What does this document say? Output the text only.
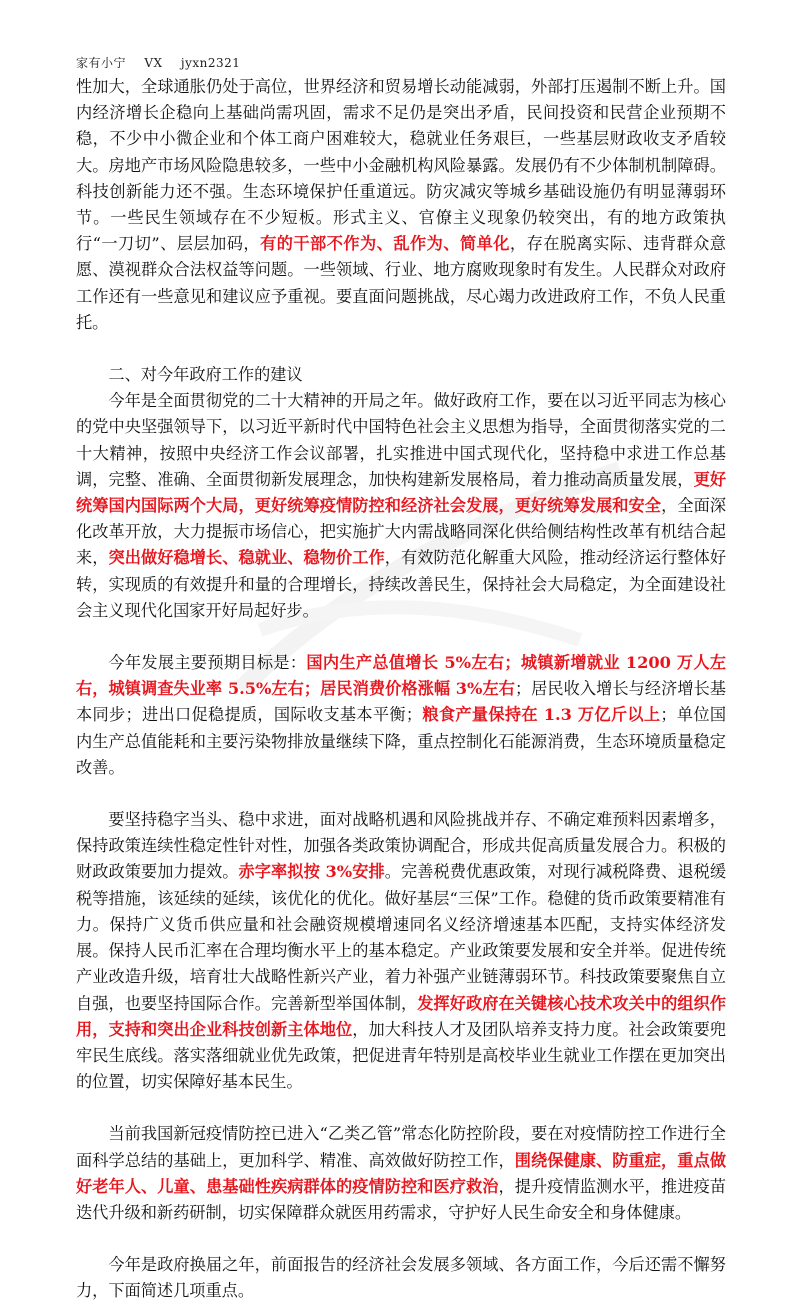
家有小宁 VX jyxn2321

性加大，全球通胀仍处于高位，世界经济和贸易增长动能减弱，外部打压遏制不断上升。国内经济增长企稳向上基础尚需巩固，需求不足仍是突出矛盾，民间投资和民营企业预期不稳，不少中小微企业和个体工商户困难较大，稳就业任务艰巨，一些基层财政收支矛盾较大。房地产市场风险隐患较多，一些中小金融机构风险暴露。发展仍有不少体制机制障碍。科技创新能力还不强。生态环境保护任重道远。防灾减灾等城乡基础设施仍有明显薄弱环节。一些民生领域存在不少短板。形式主义、官僚主义现象仍较突出，有的地方政策执行“一刀切”、层层加码，有的干部不作为、乱作为、简单化，存在脱离实际、违背群众意愿、漠视群众合法权益等问题。一些领域、行业、地方腐败现象时有发生。人民群众对政府工作还有一些意见和建议应予重视。要直面问题挑战，尽心竭力改进政府工作，不负人民重托。

二、对今年政府工作的建议

今年是全面贯彻党的二十大精神的开局之年。做好政府工作，要在以习近平同志为核心的党中央坚强领导下，以习近平新时代中国特色社会主义思想为指导，全面贯彻落实党的二十大精神，按照中央经济工作会议部署，扎实推进中国式现代化，坚持稳中求进工作总基调，完整、准确、全面贯彻新发展理念，加快构建新发展格局，着力推动高质量发展，更好统筹国内国际两个大局，更好统筹疫情防控和经济社会发展，更好统筹发展和安全，全面深化改革开放，大力提振市场信心，把实施扩大内需战略同深化供给侧结构性改革有机结合起来，突出做好稳增长、稳就业、稳物价工作，有效防范化解重大风险，推动经济运行整体好转，实现质的有效提升和量的合理增长，持续改善民生，保持社会大局稳定，为全面建设社会主义现代化国家开好局起好步。

今年发展主要预期目标是：国内生产总值增长 5%左右；城镇新增就业 1200 万人左右，城镇调查失业率 5.5%左右；居民消费价格涨幅 3%左右；居民收入增长与经济增长基本同步；进出口促稳提质，国际收支基本平衡；粮食产量保持在 1.3 万亿斤以上；单位国内生产总值能耗和主要污染物排放量继续下降，重点控制化石能源消费，生态环境质量稳定改善。

要坚持稳字当头、稳中求进，面对战略机遇和风险挑战并存、不确定难预料因素增多，保持政策连续性稳定性针对性，加强各类政策协调配合，形成共促高质量发展合力。积极的财政政策要加力提效。赤字率拟按 3%安排。完善税费优惠政策，对现行减税降费、退税缓税等措施，该延续的延续，该优化的优化。做好基层“三保”工作。稳健的货币政策要精准有力。保持广义货币供应量和社会融资规模增速同名义经济增速基本匹配，支持实体经济发展。保持人民币汇率在合理均衡水平上的基本稳定。产业政策要发展和安全并举。促进传统产业改造升级，培育壮大战略性新兴产业，着力补强产业链薄弱环节。科技政策要聚焦自立自强，也要坚持国际合作。完善新型举国体制，发挥好政府在关键核心技术攻关中的组织作用，支持和突出企业科技创新主体地位，加大科技人才及团队培养支持力度。社会政策要兜牢民生底线。落实落细就业优先政策，把促进青年特别是高校毕业生就业工作摆在更加突出的位置，切实保障好基本民生。

当前我国新冠疫情防控已进入“乙类乙管”常态化防控阶段，要在对疫情防控工作进行全面科学总结的基础上，更加科学、精准、高效做好防控工作，围绕保健康、防重症，重点做好老年人、儿童、患基础性疾病群体的疫情防控和医疗救治，提升疫情监测水平，推进疫苗迭代升级和新药研制，切实保障群众就医用药需求，守护好人民生命安全和身体健康。

今年是政府换届之年，前面报告的经济社会发展多领域、各方面工作，今后还需不懈努力，下面简述几项重点。
